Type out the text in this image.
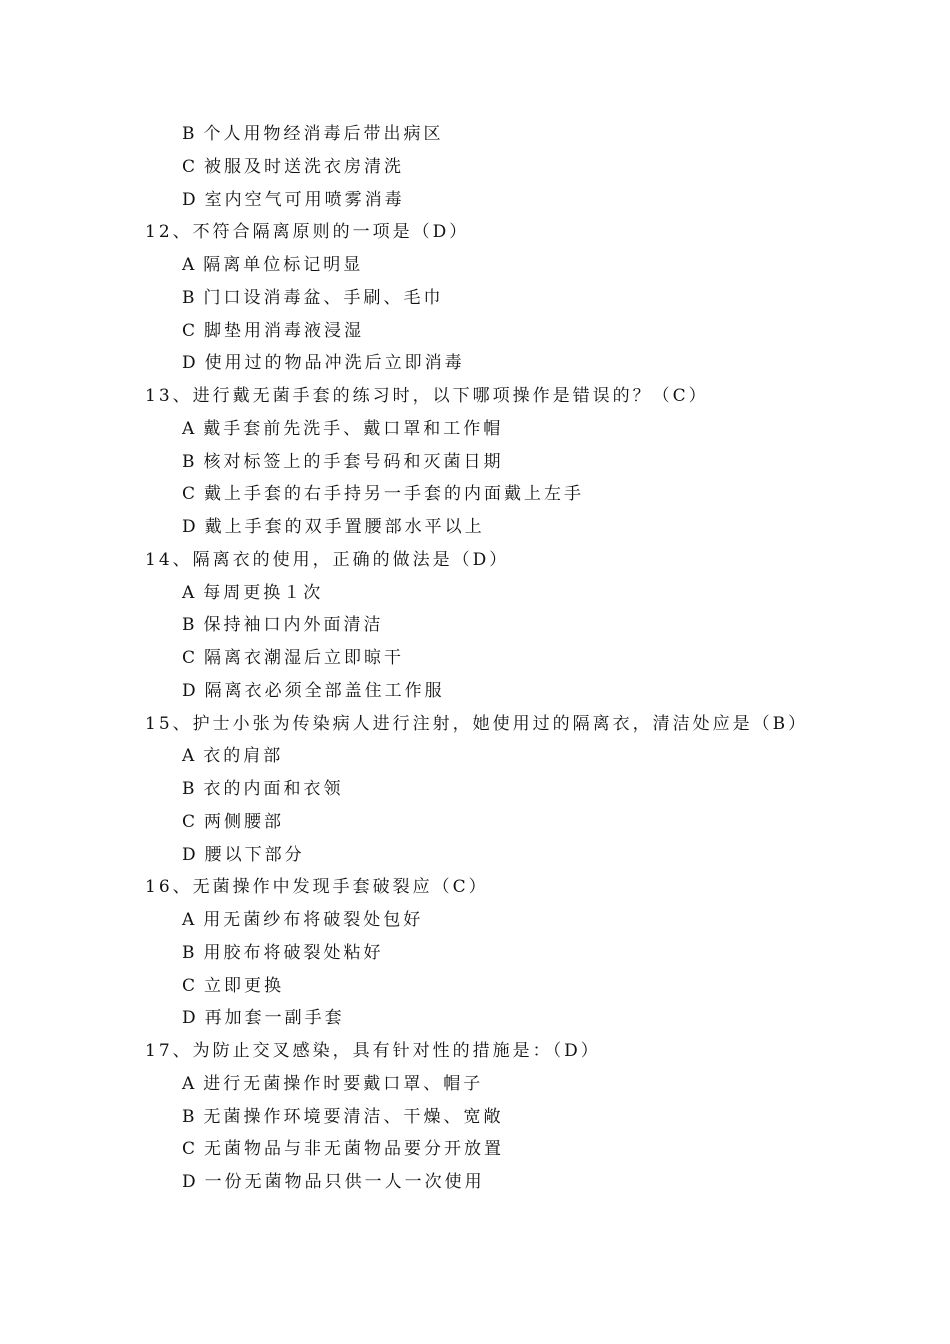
B 个人用物经消毒后带出病区
C 被服及时送洗衣房清洗
D 室内空气可用喷雾消毒
12、不符合隔离原则的一项是（D）
A 隔离单位标记明显
B 门口设消毒盆、手刷、毛巾
C 脚垫用消毒液浸湿
D 使用过的物品冲洗后立即消毒
13、进行戴无菌手套的练习时，以下哪项操作是错误的？（C）
A 戴手套前先洗手、戴口罩和工作帽
B 核对标签上的手套号码和灭菌日期
C 戴上手套的右手持另一手套的内面戴上左手
D 戴上手套的双手置腰部水平以上
14、隔离衣的使用，正确的做法是（D）
A 每周更换１次
B 保持袖口内外面清洁
C 隔离衣潮湿后立即晾干
D 隔离衣必须全部盖住工作服
15、护士小张为传染病人进行注射，她使用过的隔离衣，清洁处应是（B）
A 衣的肩部
B 衣的内面和衣领
C 两侧腰部
D 腰以下部分
16、无菌操作中发现手套破裂应（C）
A 用无菌纱布将破裂处包好
B 用胶布将破裂处粘好
C 立即更换
D 再加套一副手套
17、为防止交叉感染，具有针对性的措施是：（D）
A 进行无菌操作时要戴口罩、帽子
B 无菌操作环境要清洁、干燥、宽敞
C 无菌物品与非无菌物品要分开放置
D 一份无菌物品只供一人一次使用
